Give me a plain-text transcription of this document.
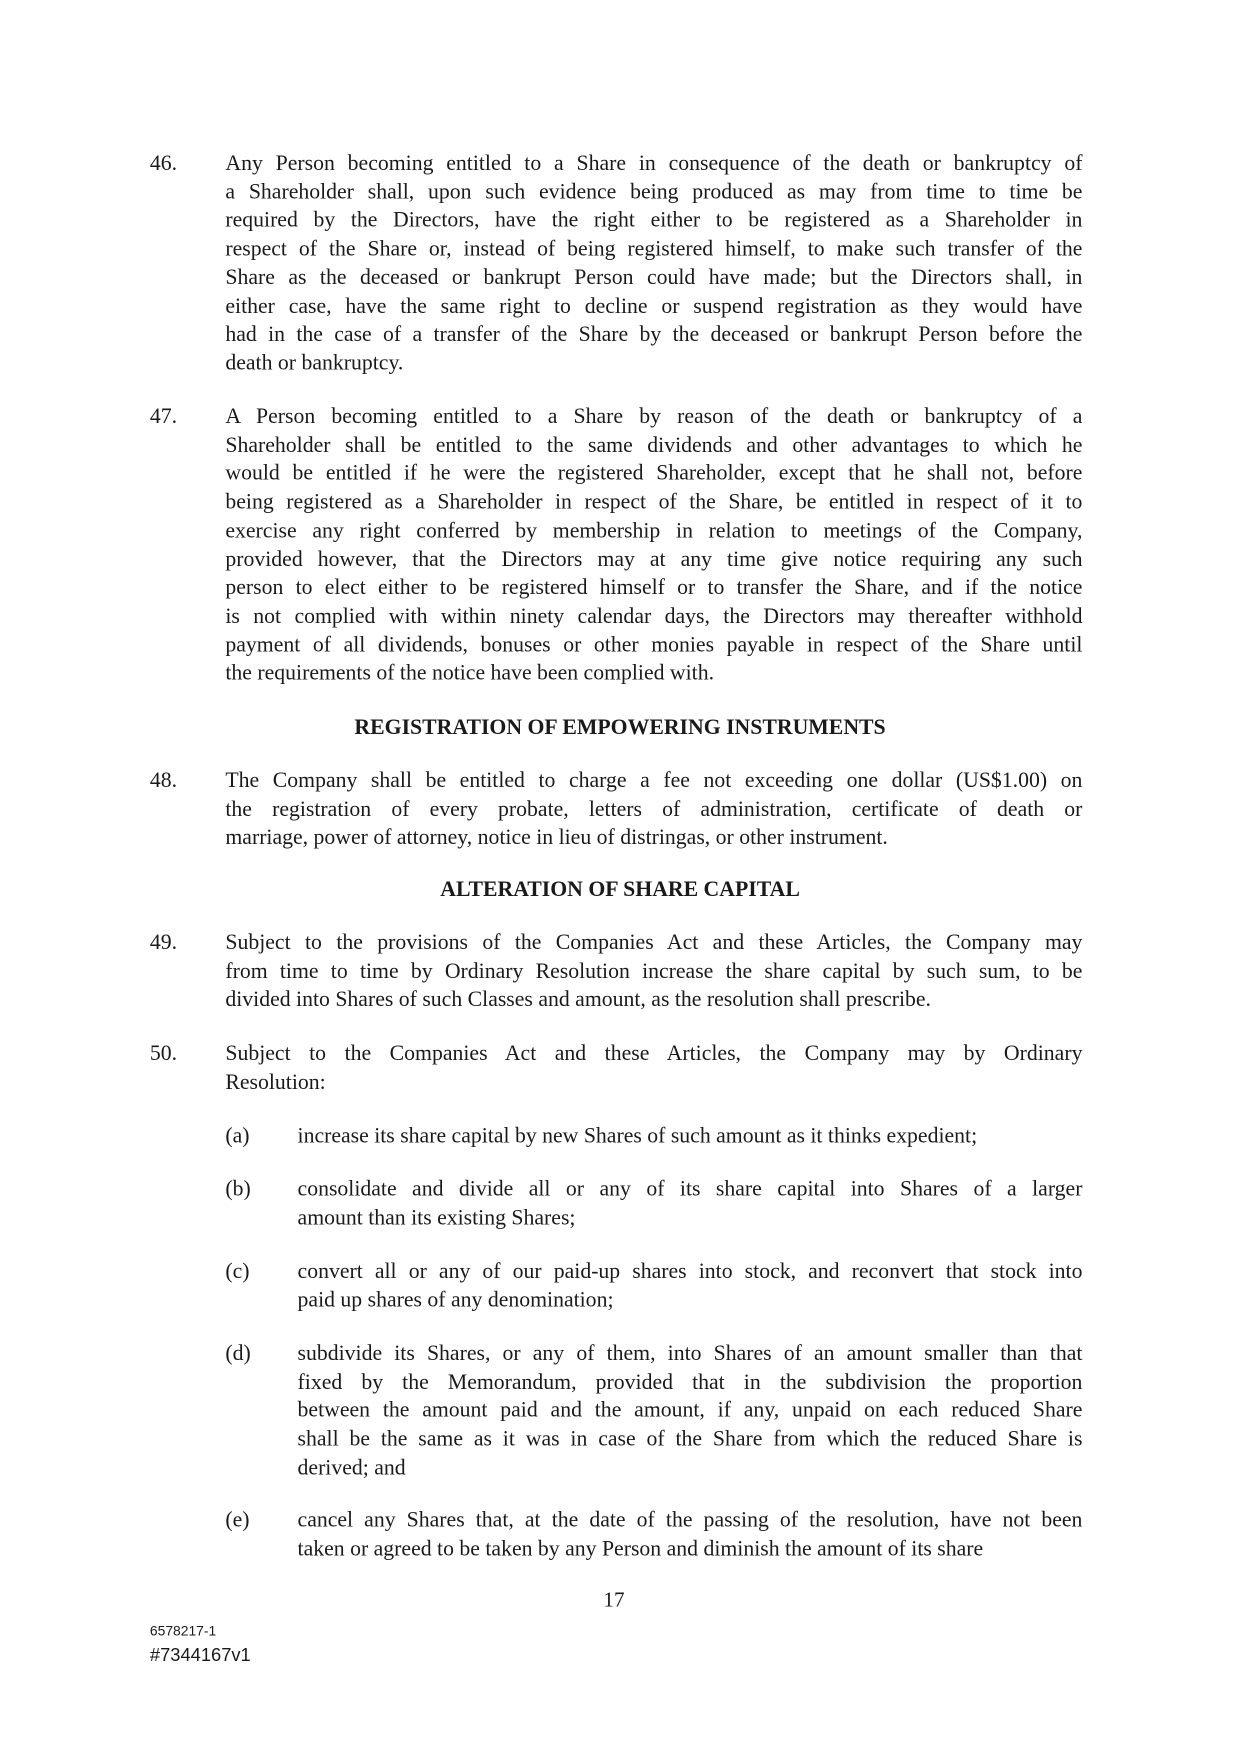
46. Any Person becoming entitled to a Share in consequence of the death or bankruptcy of
a Shareholder shall, upon such evidence being produced as may from time to time be
required by the Directors, have the right either to be registered as a Shareholder in
respect of the Share or, instead of being registered himself, to make such transfer of the
Share as the deceased or bankrupt Person could have made; but the Directors shall, in
either case, have the same right to decline or suspend registration as they would have
had in the case of a transfer of the Share by the deceased or bankrupt Person before the
death or bankruptcy.
47. A Person becoming entitled to a Share by reason of the death or bankruptcy of a
Shareholder shall be entitled to the same dividends and other advantages to which he
would be entitled if he were the registered Shareholder, except that he shall not, before
being registered as a Shareholder in respect of the Share, be entitled in respect of it to
exercise any right conferred by membership in relation to meetings of the Company,
provided however, that the Directors may at any time give notice requiring any such
person to elect either to be registered himself or to transfer the Share, and if the notice
is not complied with within ninety calendar days, the Directors may thereafter withhold
payment of all dividends, bonuses or other monies payable in respect of the Share until
the requirements of the notice have been complied with.
48. The Company shall be entitled to charge a fee not exceeding one dollar (US$1.00) on
the registration of every probate, letters of administration, certificate of death or
marriage, power of attorney, notice in lieu of distringas, or other instrument.
49. Subject to the provisions of the Companies Act and these Articles, the Company may
from time to time by Ordinary Resolution increase the share capital by such sum, to be
divided into Shares of such Classes and amount, as the resolution shall prescribe.
50. Subject to the Companies Act and these Articles, the Company may by Ordinary
Resolution:
REGISTRATION OF EMPOWERING INSTRUMENTS
ALTERATION OF SHARE CAPITAL
(a) increase its share capital by new Shares of such amount as it thinks expedient;
(b) consolidate and divide all or any of its share capital into Shares of a larger
amount than its existing Shares;
(c) convert all or any of our paid-up shares into stock, and reconvert that stock into
paid up shares of any denomination;
(d) subdivide its Shares, or any of them, into Shares of an amount smaller than that
fixed by the Memorandum, provided that in the subdivision the proportion
between the amount paid and the amount, if any, unpaid on each reduced Share
shall be the same as it was in case of the Share from which the reduced Share is
derived; and
(e) cancel any Shares that, at the date of the passing of the resolution, have not been
taken or agreed to be taken by any Person and diminish the amount of its share
17
6578217-1
#7344167v1
